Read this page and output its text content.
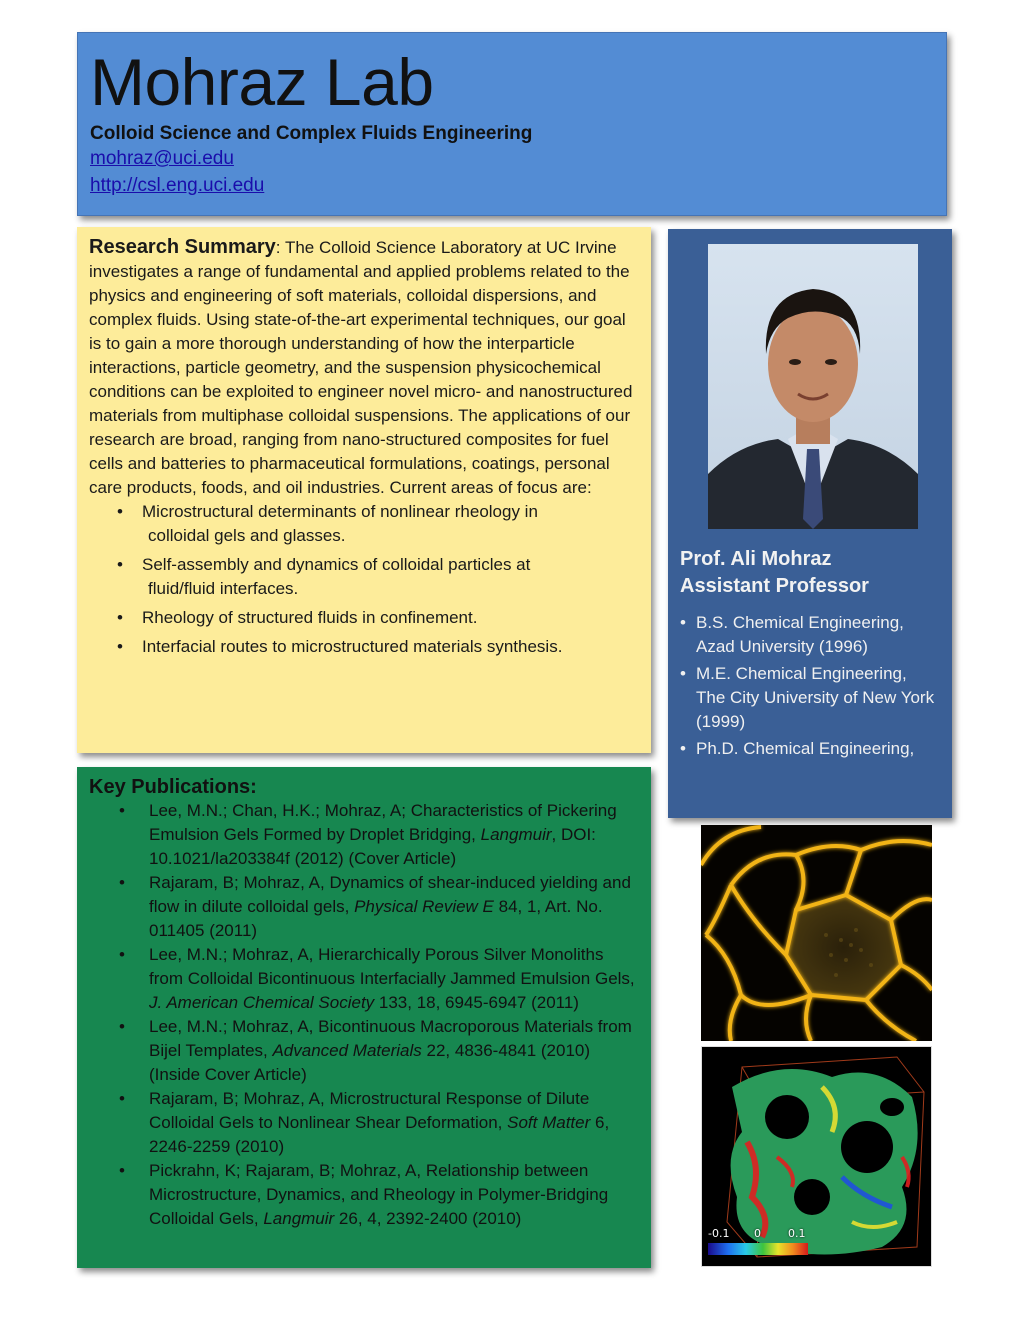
Mohraz Lab
Colloid Science and Complex Fluids Engineering
mohraz@uci.edu
http://csl.eng.uci.edu
Research Summary: The Colloid Science Laboratory at UC Irvine investigates a range of fundamental and applied problems related to the physics and engineering of soft materials, colloidal dispersions, and complex fluids. Using state-of-the-art experimental techniques, our goal is to gain a more thorough understanding of how the interparticle interactions, particle geometry, and the suspension physicochemical conditions can be exploited to engineer novel micro- and nanostructured materials from multiphase colloidal suspensions. The applications of our research are broad, ranging from nano-structured composites for fuel cells and batteries to pharmaceutical formulations, coatings, personal care products, foods, and oil industries. Current areas of focus are:
• Microstructural determinants of nonlinear rheology in
colloidal gels and glasses.
• Self-assembly and dynamics of colloidal particles at
fluid/fluid interfaces.
• Rheology of structured fluids in confinement.
• Interfacial routes to microstructured materials synthesis.
Prof. Ali Mohraz
Assistant Professor
• B.S. Chemical Engineering, Azad University (1996)
• M.E. Chemical Engineering, The City University of New York (1999)
• Ph.D. Chemical Engineering,
Key Publications:
• Lee, M.N.; Chan, H.K.; Mohraz, A; Characteristics of Pickering Emulsion Gels Formed by Droplet Bridging, Langmuir, DOI: 10.1021/la203384f (2012) (Cover Article)
• Rajaram, B; Mohraz, A, Dynamics of shear-induced yielding and flow in dilute colloidal gels, Physical Review E 84, 1, Art. No. 011405 (2011)
• Lee, M.N.; Mohraz, A, Hierarchically Porous Silver Monoliths from Colloidal Bicontinuous Interfacially Jammed Emulsion Gels, J. American Chemical Society 133, 18, 6945-6947 (2011)
• Lee, M.N.; Mohraz, A, Bicontinuous Macroporous Materials from Bijel Templates, Advanced Materials 22, 4836-4841 (2010) (Inside Cover Article)
• Rajaram, B; Mohraz, A, Microstructural Response of Dilute Colloidal Gels to Nonlinear Shear Deformation, Soft Matter 6, 2246-2259 (2010)
• Pickrahn, K; Rajaram, B; Mohraz, A, Relationship between Microstructure, Dynamics, and Rheology in Polymer-Bridging Colloidal Gels, Langmuir 26, 4, 2392-2400 (2010)
-0.1 0 0.1
